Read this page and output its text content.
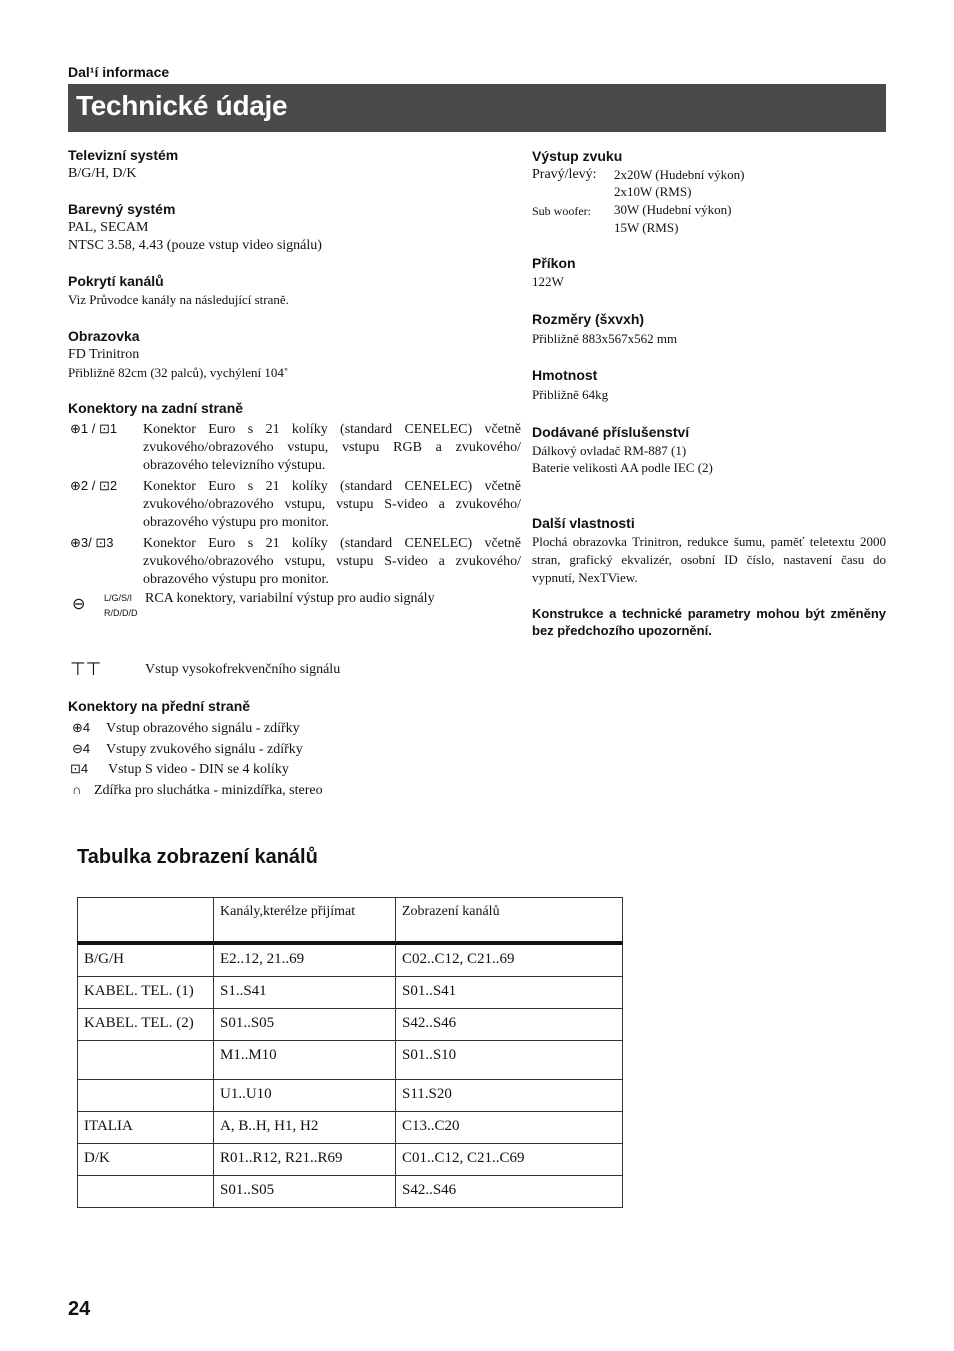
Dal¹í informace
Technické údaje
Televizní systém
B/G/H, D/K
Barevný systém
PAL, SECAM
NTSC 3.58, 4.43 (pouze vstup video signálu)
Pokrytí kanálů
Viz Průvodce kanály na následující straně.
Obrazovka
FD Trinitron
Přibližně 82cm (32 palců), vychýlení 104˚
Konektory na zadní straně
⊕1 / ⊡1 Konektor Euro s 21 kolíky (standard CENELEC) včetně zvukového/obrazového vstupu, vstupu RGB a zvukového/ obrazového televizního výstupu.
⊕2 / ⊡2 Konektor Euro s 21 kolíky (standard CENELEC) včetně zvukového/obrazového vstupu, vstupu S-video a zvukového/ obrazového výstupu pro monitor.
⊕3/ ⊡3 Konektor Euro s 21 kolíky (standard CENELEC) včetně zvukového/obrazového vstupu, vstupu S-video a zvukového/ obrazového výstupu pro monitor.
⊖ L/G/S/I
R/D/D/D
RCA konektory, variabilní výstup pro audio signály
⊤⊤	Vstup vysokofrekvenčního signálu
Konektory na přední straně
⊕4 Vstup obrazového signálu - zdířky
⊖4 Vstupy zvukového signálu - zdířky
⊡4 Vstup S video - DIN se 4 kolíky
∩ Zdířka pro sluchátka - minizdířka, stereo
Výstup zvuku
Pravý/levý: 2x20W (Hudební výkon)
2x10W (RMS)
Sub woofer: 30W (Hudební výkon)
15W (RMS)
Příkon
122W
Rozměry (šxvxh)
Přibližně 883x567x562 mm
Hmotnost
Přibližně 64kg
Dodávané příslušenství
Dálkový ovladač RM-887 (1)
Baterie velikosti AA podle IEC (2)
Další vlastnosti
Plochá obrazovka Trinitron, redukce šumu, paměť teletextu 2000 stran, grafický ekvalizér, osobní ID číslo, nastavení času do vypnutí, NexTView.
Konstrukce a technické parametry mohou být změněny bez předchozího upozornění.
Tabulka zobrazení kanálů
	Kanály,kterélze přijímat	Zobrazení kanálů
B/G/H	E2..12, 21..69	C02..C12, C21..69
KABEL. TEL. (1)	S1..S41	S01..S41
KABEL. TEL. (2)	S01..S05	S42..S46
	M1..M10	S01..S10
	U1..U10	S11.S20
ITALIA	A, B..H, H1, H2	C13..C20
D/K	R01..R12, R21..R69	C01..C12, C21..C69
	S01..S05	S42..S46
24
